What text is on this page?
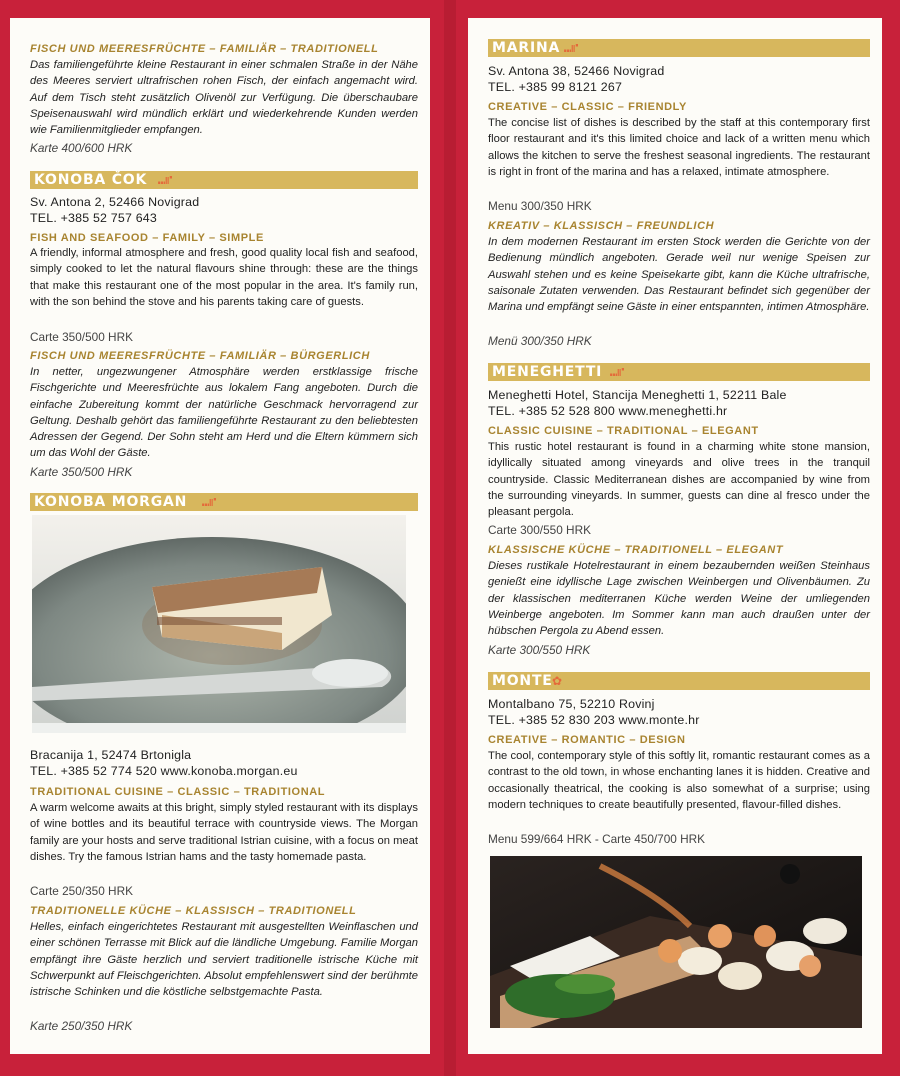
FISCH UND MEERESFRÜCHTE – FAMILIÄR – TRADITIONELL
Das familiengeführte kleine Restaurant in einer schmalen Straße in der Nähe des Meeres serviert ultrafrischen rohen Fisch, der einfach angemacht wird. Auf dem Tisch steht zusätzlich Olivenöl zur Verfügung. Die überschaubare Speisenauswahl wird mündlich erklärt und wiederkehrende Kunden werden wie Familienmitglieder empfangen.
Karte 400/600 HRK
KONOBA ČOK ⑉⑈
Sv. Antona 2, 52466 Novigrad
TEL. +385 52 757 643
FISH AND SEAFOOD – FAMILY – SIMPLE
A friendly, informal atmosphere and fresh, good quality local fish and seafood, simply cooked to let the natural flavours shine through: these are the things that make this restaurant one of the most popular in the area. It's family run, with the son behind the stove and his parents taking care of guests.
Carte 350/500 HRK
FISCH UND MEERESFRÜCHTE – FAMILIÄR – BÜRGERLICH
In netter, ungezwungener Atmosphäre werden erstklassige frische Fischgerichte und Meeresfrüchte aus lokalem Fang angeboten. Durch die einfache Zubereitung kommt der natürliche Geschmack hervorragend zur Geltung. Deshalb gehört das familiengeführte Restaurant zu den beliebtesten Adressen der Gegend. Der Sohn steht am Herd und die Eltern kümmern sich um das Wohl der Gäste.
Karte 350/500 HRK
KONOBA MORGAN ⑉⑈
Bracanija 1, 52474 Brtonigla
TEL. +385 52 774 520 www.konoba.morgan.eu
TRADITIONAL CUISINE – CLASSIC – TRADITIONAL
A warm welcome awaits at this bright, simply styled restaurant with its displays of wine bottles and its beautiful terrace with countryside views. The Morgan family are your hosts and serve traditional Istrian cuisine, with a focus on meat dishes. Try the famous Istrian hams and the tasty homemade pasta.
Carte 250/350 HRK
TRADITIONELLE KÜCHE – KLASSISCH – TRADITIONELL
Helles, einfach eingerichtetes Restaurant mit ausgestellten Weinflaschen und einer schönen Terrasse mit Blick auf die ländliche Umgebung. Familie Morgan empfängt ihre Gäste herzlich und serviert traditionelle istrische Küche mit Schwerpunkt auf Fleischgerichten. Absolut empfehlenswert sind der berühmte istrische Schinken und die köstliche selbstgemachte Pasta.
Karte 250/350 HRK
MARINA ⑉⑈
Sv. Antona 38, 52466 Novigrad
TEL. +385 99 8121 267
CREATIVE – CLASSIC – FRIENDLY
The concise list of dishes is described by the staff at this contemporary first floor restaurant and it's this limited choice and lack of a written menu which allows the kitchen to serve the freshest seasonal ingredients. The restaurant is right in front of the marina and has a relaxed, intimate atmosphere.
Menu 300/350 HRK
KREATIV – KLASSISCH – FREUNDLICH
In dem modernen Restaurant im ersten Stock werden die Gerichte von der Bedienung mündlich angeboten. Gerade weil nur wenige Speisen zur Auswahl stehen und es keine Speisekarte gibt, kann die Küche ultrafrische, saisonale Zutaten verwenden. Das Restaurant befindet sich gegenüber der Marina und empfängt seine Gäste in einer entspannten, intimen Atmosphäre.
Menü 300/350 HRK
MENEGHETTI ⑉⑈
Meneghetti Hotel, Stancija Meneghetti 1, 52211 Bale
TEL. +385 52 528 800 www.meneghetti.hr
CLASSIC CUISINE – TRADITIONAL – ELEGANT
This rustic hotel restaurant is found in a charming white stone mansion, idyllically situated among vineyards and olive trees in the tranquil countryside. Classic Mediterranean dishes are accompanied by wine from the surrounding vineyards. In summer, guests can dine al fresco under the pleasant pergola.
Carte 300/550 HRK
KLASSISCHE KÜCHE – TRADITIONELL – ELEGANT
Dieses rustikale Hotelrestaurant in einem bezaubernden weißen Steinhaus genießt eine idyllische Lage zwischen Weinbergen und Olivenbäumen. Zu der klassischen mediterranen Küche werden Weine der umliegenden Weinberge angeboten. Im Sommer kann man auch draußen unter der hübschen Pergola zu Abend essen.
Karte 300/550 HRK
MONTE ✿
Montalbano 75, 52210 Rovinj
TEL. +385 52 830 203 www.monte.hr
CREATIVE – ROMANTIC – DESIGN
The cool, contemporary style of this softly lit, romantic restaurant comes as a contrast to the old town, in whose enchanting lanes it is hidden. Creative and occasionally theatrical, the cooking is also somewhat of a surprise; using modern techniques to create beautifully presented, flavour-filled dishes.
Menu 599/664 HRK - Carte 450/700 HRK
